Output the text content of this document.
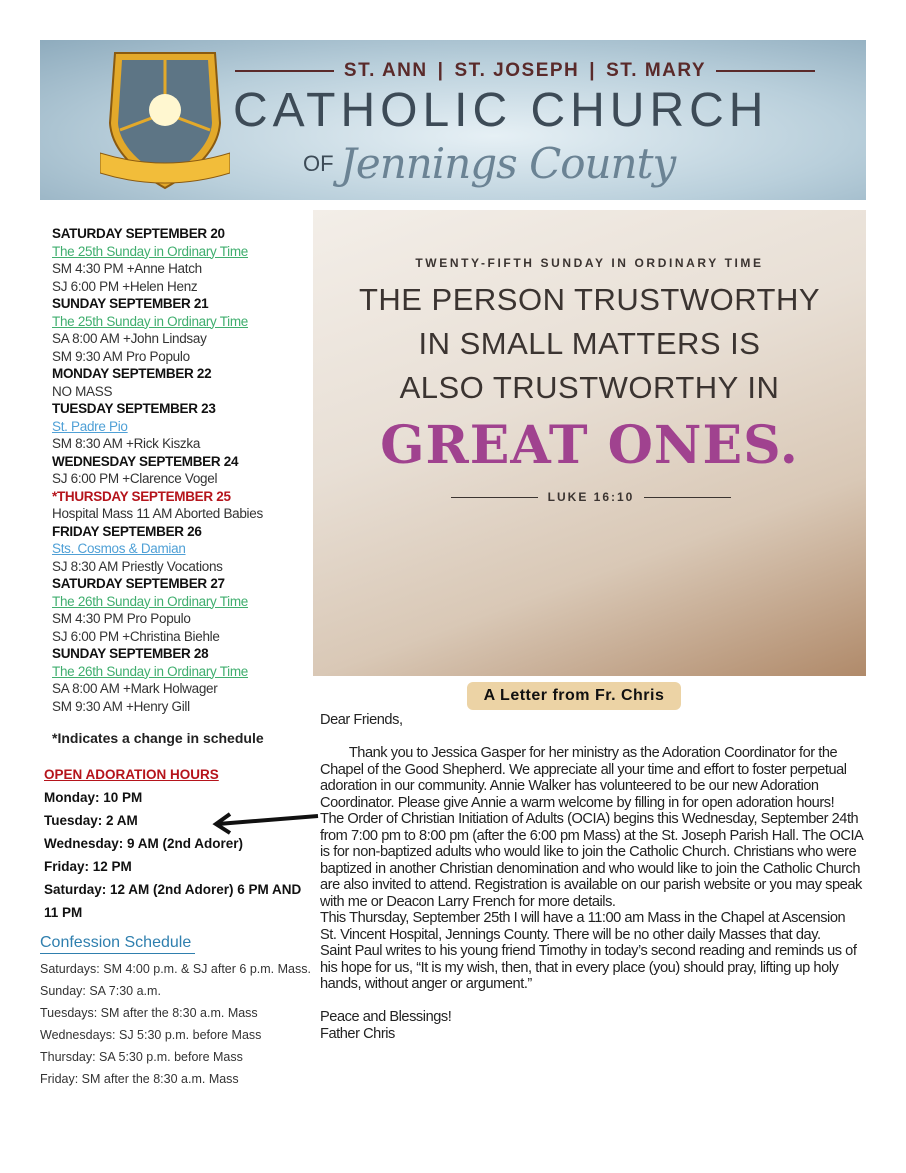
ST. ANN | ST. JOSEPH | ST. MARY
CATHOLIC CHURCH
OF Jennings County
SATURDAY SEPTEMBER 20
The 25th Sunday in Ordinary Time
SM 4:30 PM +Anne Hatch
SJ 6:00 PM +Helen Henz
SUNDAY SEPTEMBER 21
The 25th Sunday in Ordinary Time
SA 8:00 AM +John Lindsay
SM 9:30 AM Pro Populo
MONDAY SEPTEMBER 22
NO MASS
TUESDAY SEPTEMBER 23
St. Padre Pio
SM 8:30 AM +Rick Kiszka
WEDNESDAY SEPTEMBER 24
SJ 6:00 PM +Clarence Vogel
*THURSDAY SEPTEMBER 25
Hospital Mass 11 AM Aborted Babies
FRIDAY SEPTEMBER 26
Sts. Cosmos & Damian
SJ 8:30 AM Priestly Vocations
SATURDAY SEPTEMBER 27
The 26th Sunday in Ordinary Time
SM 4:30 PM Pro Populo
SJ 6:00 PM +Christina Biehle
SUNDAY SEPTEMBER 28
The 26th Sunday in Ordinary Time
SA 8:00 AM +Mark Holwager
SM 9:30 AM +Henry Gill
*Indicates a change in schedule
OPEN ADORATION HOURS
Monday: 10 PM
Tuesday: 2 AM
Wednesday: 9 AM (2nd Adorer)
Friday: 12 PM
Saturday: 12 AM (2nd Adorer) 6 PM AND 11 PM
Confession Schedule
Saturdays: SM 4:00 p.m. & SJ after 6 p.m. Mass.
Sunday: SA 7:30 a.m.
Tuesdays: SM after the 8:30 a.m. Mass
Wednesdays: SJ 5:30 p.m. before Mass
Thursday: SA 5:30 p.m. before Mass
Friday: SM after the 8:30 a.m. Mass
TWENTY-FIFTH SUNDAY IN ORDINARY TIME
THE PERSON TRUSTWORTHY
IN SMALL MATTERS IS
ALSO TRUSTWORTHY IN
GREAT ONES.
LUKE 16:10
A Letter from Fr. Chris

Dear Friends,

Thank you to Jessica Gasper for her ministry as the Adoration Coordinator for the Chapel of the Good Shepherd. We appreciate all your time and effort to foster perpetual adoration in our community. Annie Walker has volunteered to be our new Adoration Coordinator. Please give Annie a warm welcome by filling in for open adoration hours!

The Order of Christian Initiation of Adults (OCIA) begins this Wednesday, September 24th from 7:00 pm to 8:00 pm (after the 6:00 pm Mass) at the St. Joseph Parish Hall. The OCIA is for non-baptized adults who would like to join the Catholic Church. Christians who were baptized in another Christian denomination and who would like to join the Catholic Church are also invited to attend. Registration is available on our parish website or you may speak with me or Deacon Larry French for more details.

This Thursday, September 25th I will have a 11:00 am Mass in the Chapel at Ascension St. Vincent Hospital, Jennings County. There will be no other daily Masses that day.

Saint Paul writes to his young friend Timothy in today’s second reading and reminds us of his hope for us, “It is my wish, then, that in every place (you) should pray, lifting up holy hands, without anger or argument.”

Peace and Blessings!

Father Chris
